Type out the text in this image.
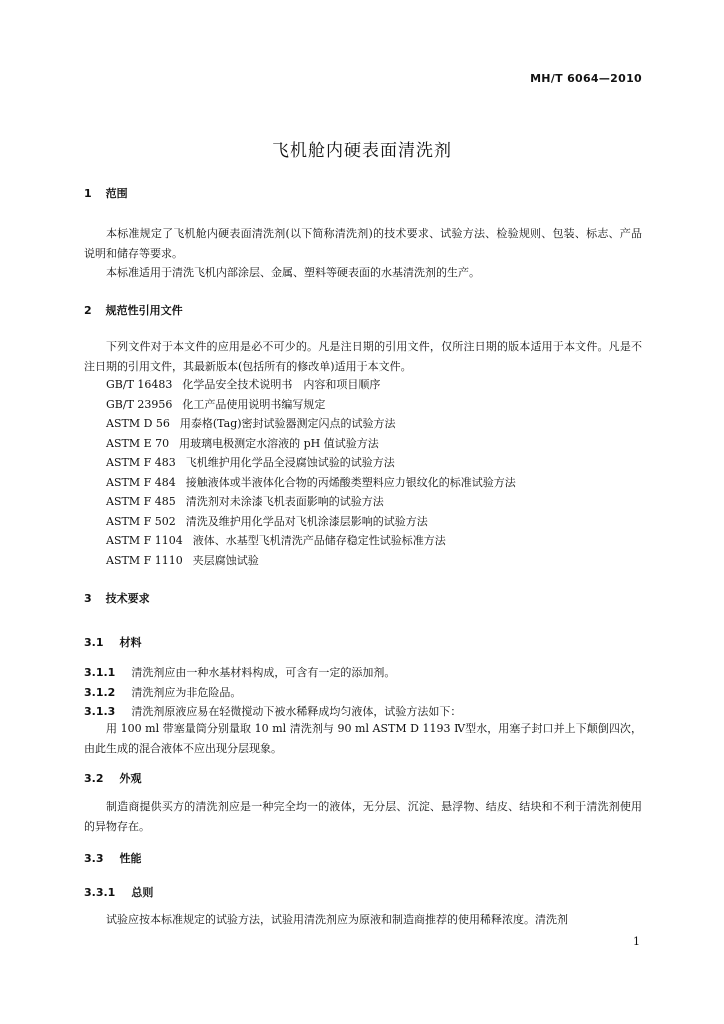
MH/T 6064—2010
飞机舱内硬表面清洗剂
1 范围
本标准规定了飞机舱内硬表面清洗剂(以下简称清洗剂)的技术要求、试验方法、检验规则、包装、标志、产品说明和储存等要求。
本标准适用于清洗飞机内部涂层、金属、塑料等硬表面的水基清洗剂的生产。
2 规范性引用文件
下列文件对于本文件的应用是必不可少的。凡是注日期的引用文件，仅所注日期的版本适用于本文件。凡是不注日期的引用文件，其最新版本(包括所有的修改单)适用于本文件。
GB/T 16483 化学品安全技术说明书　内容和项目顺序
GB/T 23956 化工产品使用说明书编写规定
ASTM D 56 用泰格(Tag)密封试验器测定闪点的试验方法
ASTM E 70 用玻璃电极测定水溶液的 pH 值试验方法
ASTM F 483 飞机维护用化学品全浸腐蚀试验的试验方法
ASTM F 484 接触液体或半液体化合物的丙烯酸类塑料应力银纹化的标准试验方法
ASTM F 485 清洗剂对未涂漆飞机表面影响的试验方法
ASTM F 502 清洗及维护用化学品对飞机涂漆层影响的试验方法
ASTM F 1104 液体、水基型飞机清洗产品储存稳定性试验标准方法
ASTM F 1110 夹层腐蚀试验
3 技术要求
3.1 材料
3.1.1 清洗剂应由一种水基材料构成，可含有一定的添加剂。
3.1.2 清洗剂应为非危险品。
3.1.3 清洗剂原液应易在轻微搅动下被水稀释成均匀液体，试验方法如下：
用 100 ml 带塞量筒分别量取 10 ml 清洗剂与 90 ml ASTM D 1193 Ⅳ型水，用塞子封口并上下颠倒四次，由此生成的混合液体不应出现分层现象。
3.2 外观
制造商提供买方的清洗剂应是一种完全均一的液体，无分层、沉淀、悬浮物、结皮、结块和不利于清洗剂使用的异物存在。
3.3 性能
3.3.1 总则
试验应按本标准规定的试验方法，试验用清洗剂应为原液和制造商推荐的使用稀释浓度。清洗剂
1
